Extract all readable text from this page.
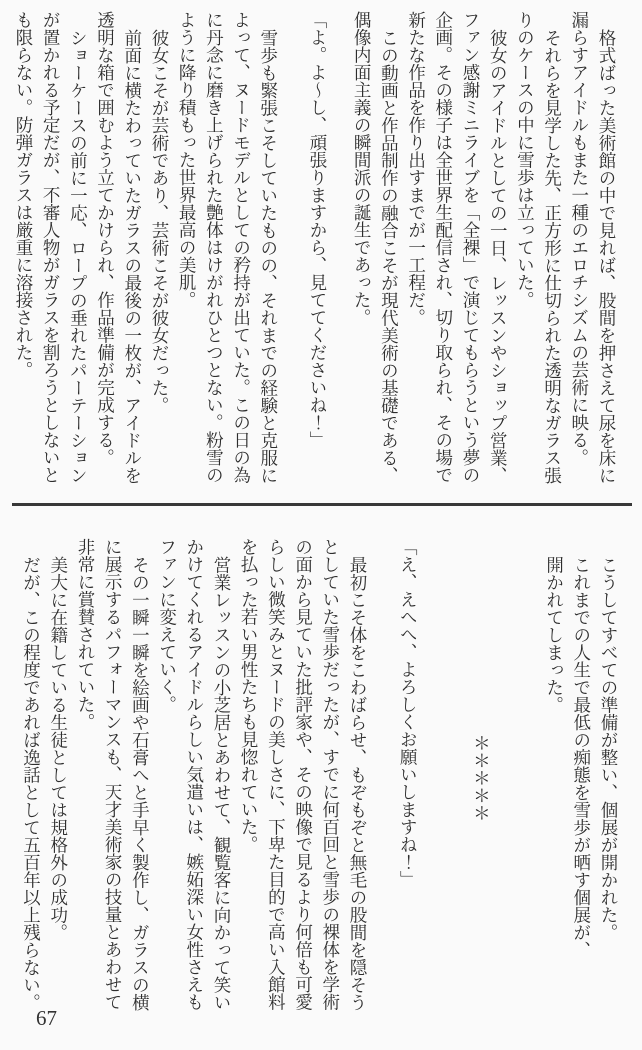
格式ばった美術館の中で見れば、股間を押さえて尿を床に
漏らすアイドルもまた一種のエロチシズムの芸術に映る。
それらを見学した先、正方形に仕切られた透明なガラス張
りのケースの中に雪歩は立っていた。
彼女のアイドルとしての一日、レッスンやショップ営業、
ファン感謝ミニライブを「全裸」で演じてもらうという夢の
企画。その様子は全世界生配信され、切り取られ、その場で
新たな作品を作り出すまでが一工程だ。
この動画と作品制作の融合こそが現代美術の基礎である、
偶像内面主義の瞬間派の誕生であった。
「よ。よ～し、頑張りますから、見ててくださいね！」
雪歩も緊張こそしていたものの、それまでの経験と克服に
よって、ヌードモデルとしての矜持が出ていた。この日の為
に丹念に磨き上げられた艶体はけがれひとつとない。粉雪の
ように降り積もった世界最高の美肌。
彼女こそが芸術であり、芸術こそが彼女だった。
前面に横たわっていたガラスの最後の一枚が、アイドルを
透明な箱で囲むよう立てかけられ、作品準備が完成する。
ショーケースの前に一応、ロープの垂れたパーテーション
が置かれる予定だが、不審人物がガラスを割ろうとしないと
も限らない。防弾ガラスは厳重に溶接された。
こうしてすべての準備が整い、個展が開かれた。
これまでの人生で最低の痴態を雪歩が晒す個展が、
開かれてしまった。
＊＊＊＊＊
「え、えへへ、よろしくお願いしますね！」
最初こそ体をこわばらせ、もぞもぞと無毛の股間を隠そう
としていた雪歩だったが、すでに何百回と雪歩の裸体を学術
の面から見ていた批評家や、その映像で見るより何倍も可愛
らしい微笑みとヌードの美しさに、下卑た目的で高い入館料
を払った若い男性たちも見惚れていた。
営業レッスンの小芝居とあわせて、観覧客に向かって笑い
かけてくれるアイドルらしい気遣いは、嫉妬深い女性さえも
ファンに変えていく。
その一瞬一瞬を絵画や石膏へと手早く製作し、ガラスの横
に展示するパフォーマンスも、天才美術家の技量とあわせて
非常に賞賛されていた。
美大に在籍している生徒としては規格外の成功。
だが、この程度であれば逸話として五百年以上残らない。
67
